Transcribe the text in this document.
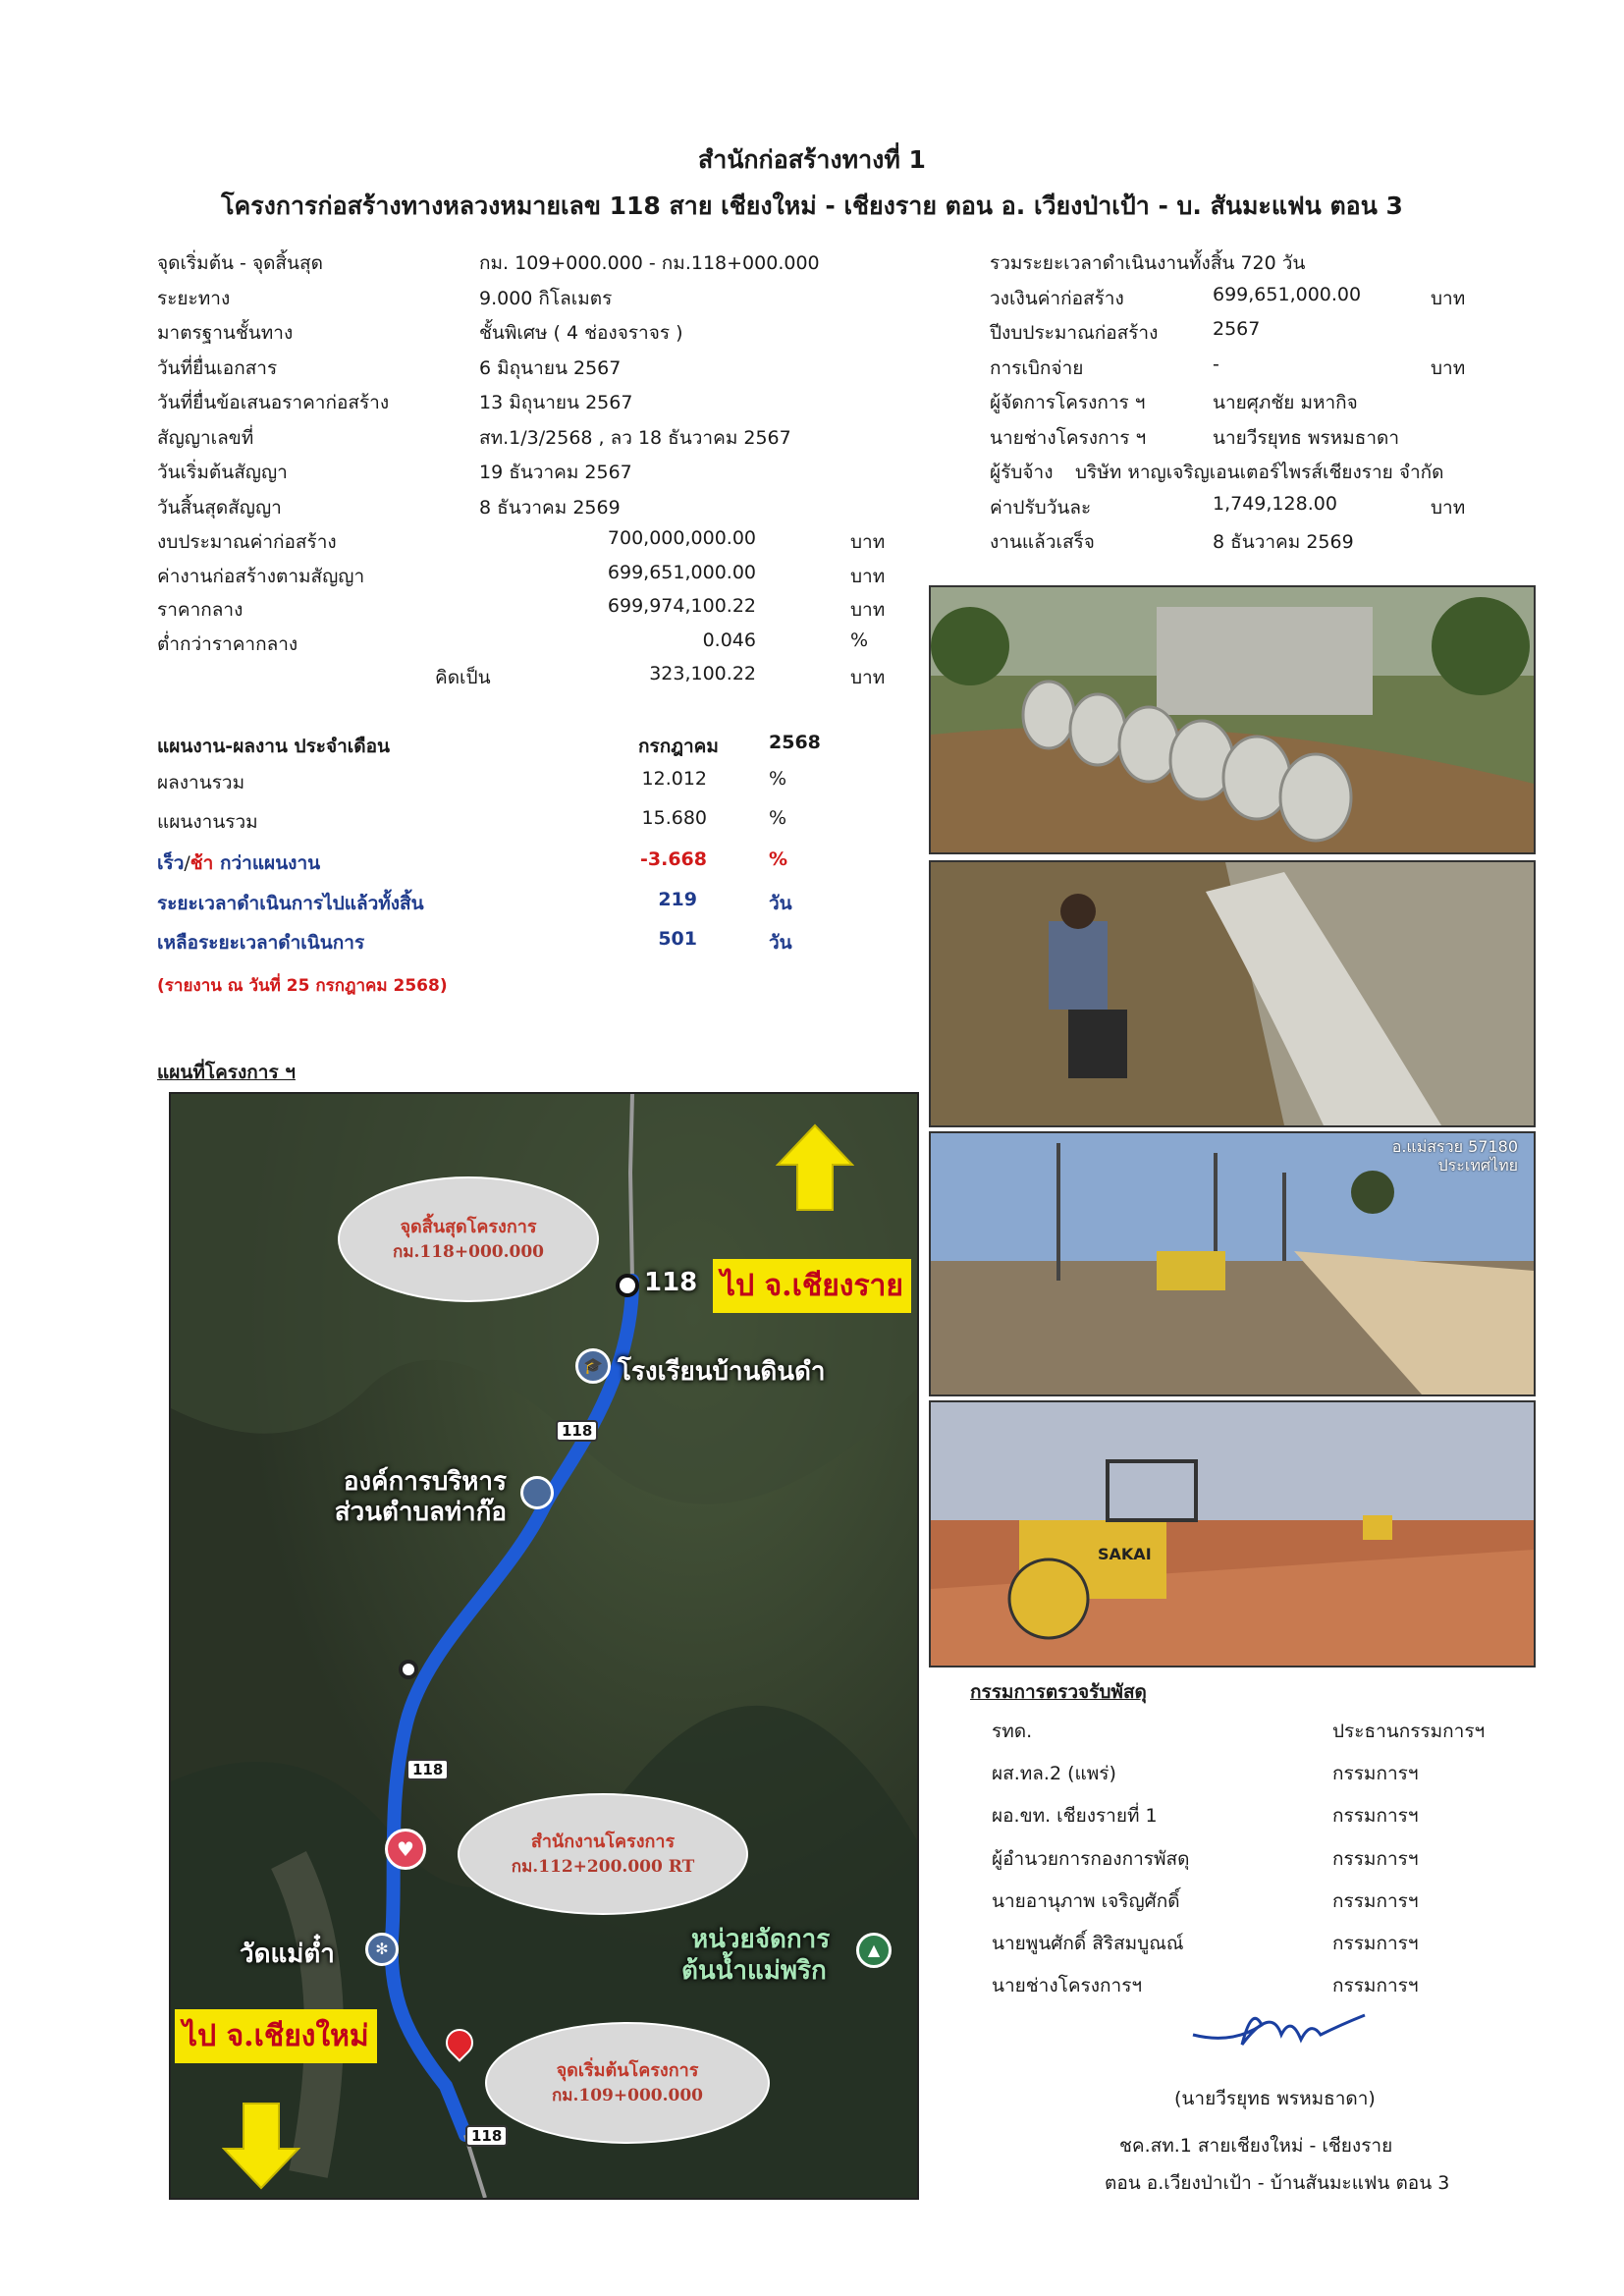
สำนักก่อสร้างทางที่ 1
โครงการก่อสร้างทางหลวงหมายเลข 118 สาย เชียงใหม่ - เชียงราย ตอน อ. เวียงป่าเป้า - บ. สันมะแฟน ตอน 3
จุดเริ่มต้น - จุดสิ้นสุด	กม. 109+000.000 - กม.118+000.000
ระยะทาง	9.000 กิโลเมตร
มาตรฐานชั้นทาง	ชั้นพิเศษ ( 4 ช่องจราจร )
วันที่ยื่นเอกสาร	6 มิถุนายน 2567
วันที่ยื่นข้อเสนอราคาก่อสร้าง	13 มิถุนายน 2567
สัญญาเลขที่	สท.1/3/2568 , ลว 18 ธันวาคม 2567
วันเริ่มต้นสัญญา	19 ธันวาคม 2567
วันสิ้นสุดสัญญา	8 ธันวาคม 2569
งบประมาณค่าก่อสร้าง	700,000,000.00	บาท
ค่างานก่อสร้างตามสัญญา	699,651,000.00	บาท
ราคากลาง	699,974,100.22	บาท
ต่ำกว่าราคากลาง	0.046	%
คิดเป็น	323,100.22	บาท
รวมระยะเวลาดำเนินงานทั้งสิ้น 720 วัน
วงเงินค่าก่อสร้าง	699,651,000.00	บาท
ปีงบประมาณก่อสร้าง	2567
การเบิกจ่าย	-	บาท
ผู้จัดการโครงการ ฯ	นายศุภชัย มหากิจ
นายช่างโครงการ ฯ	นายวีรยุทธ พรหมธาดา
ผู้รับจ้าง บริษัท หาญเจริญเอนเตอร์ไพรส์เชียงราย จำกัด
ค่าปรับวันละ	1,749,128.00	บาท
งานแล้วเสร็จ	8 ธันวาคม 2569
แผนงาน-ผลงาน ประจำเดือน	กรกฎาคม	2568
ผลงานรวม	12.012	%
แผนงานรวม	15.680	%
เร็ว/ช้า กว่าแผนงาน	-3.668	%
ระยะเวลาดำเนินการไปแล้วทั้งสิ้น	219	วัน
เหลือระยะเวลาดำเนินการ	501	วัน
(รายงาน ณ วันที่ 25 กรกฎาคม 2568)
แผนที่โครงการ ฯ
118
118
118
118
🎓 โรงเรียนบ้านดินดำ
องค์การบริหาร
ส่วนตำบลท่าก๊อ
♥
✻
วัดแม่ต๋ำ	▲
หน่วยจัดการ
ต้นน้ำแม่พริก
จุดสิ้นสุดโครงการ
กม.118+000.000
สำนักงานโครงการ
กม.112+200.000 RT
จุดเริ่มต้นโครงการ
กม.109+000.000
ไป จ.เชียงราย
ไป จ.เชียงใหม่
อ.แม่สรวย 57180
ประเทศไทย
SAKAI
กรรมการตรวจรับพัสดุ
รทด.	ประธานกรรมการฯ
ผส.ทล.2 (แพร่)	กรรมการฯ
ผอ.ขท. เชียงรายที่ 1	กรรมการฯ
ผู้อำนวยการกองการพัสดุ	กรรมการฯ
นายอานุภาพ เจริญศักดิ์	กรรมการฯ
นายพูนศักดิ์ สิริสมบูณณ์	กรรมการฯ
นายช่างโครงการฯ	กรรมการฯ
(นายวีรยุทธ พรหมธาดา)
ชค.สท.1 สายเชียงใหม่ - เชียงราย
ตอน อ.เวียงป่าเป้า - บ้านสันมะแฟน ตอน 3
